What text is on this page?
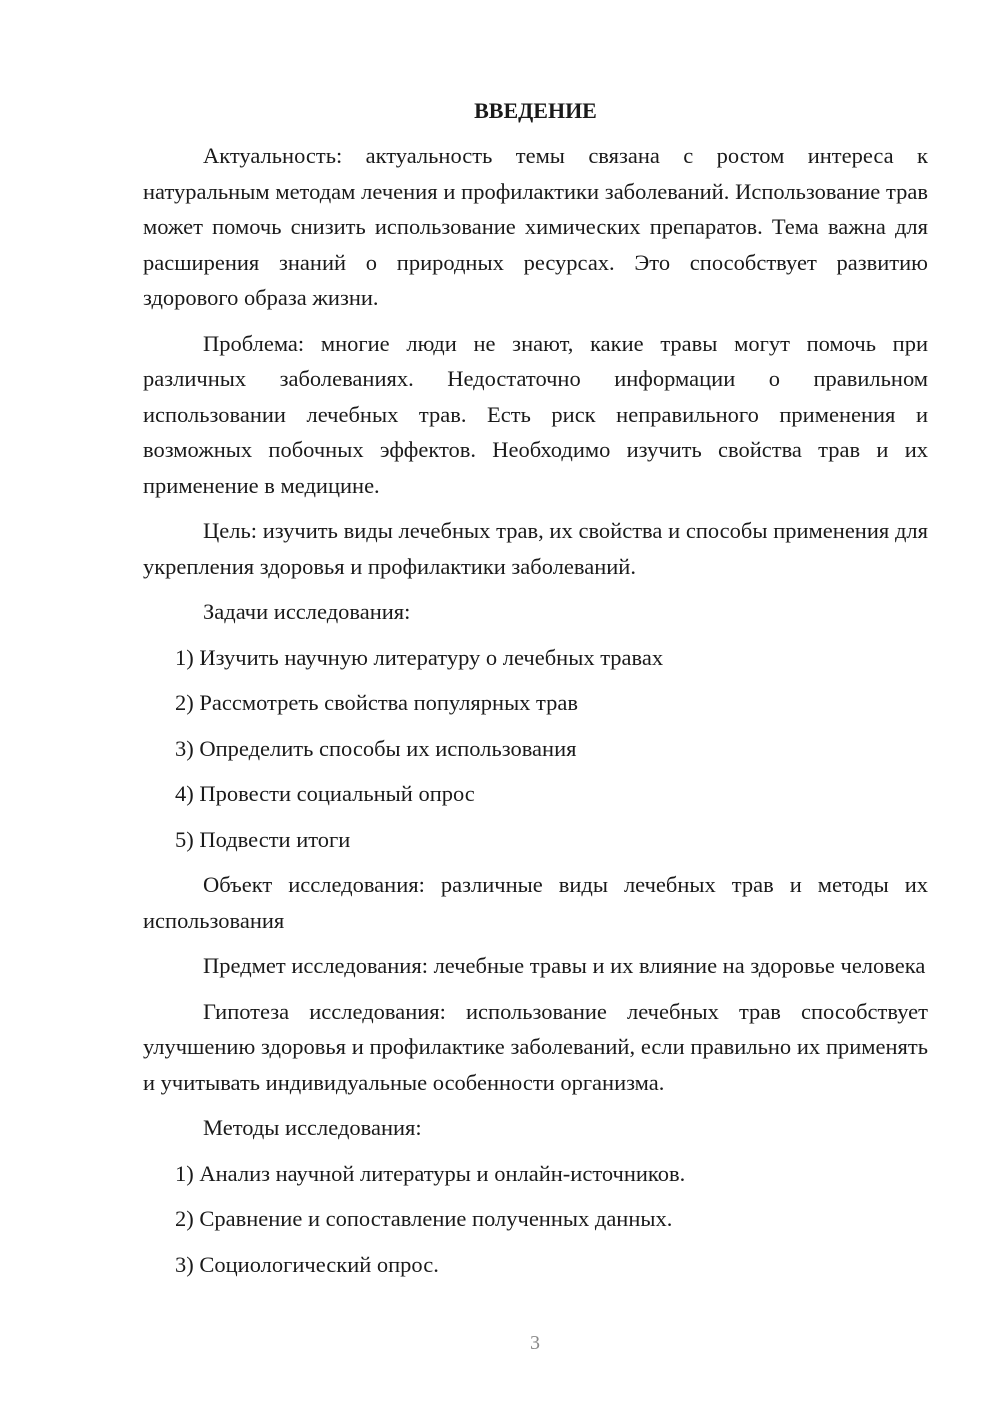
ВВЕДЕНИЕ

Актуальность: актуальность темы связана с ростом интереса к натуральным методам лечения и профилактики заболеваний. Использование трав может помочь снизить использование химических препаратов. Тема важна для расширения знаний о природных ресурсах. Это способствует развитию здорового образа жизни.

Проблема: многие люди не знают, какие травы могут помочь при различных заболеваниях. Недостаточно информации о правильном использовании лечебных трав. Есть риск неправильного применения и возможных побочных эффектов. Необходимо изучить свойства трав и их применение в медицине.

Цель: изучить виды лечебных трав, их свойства и способы применения для укрепления здоровья и профилактики заболеваний.

Задачи исследования:

1) Изучить научную литературу о лечебных травах
2) Рассмотреть свойства популярных трав
3) Определить способы их использования
4) Провести социальный опрос
5) Подвести итоги

Объект исследования: различные виды лечебных трав и методы их использования

Предмет исследования: лечебные травы и их влияние на здоровье человека

Гипотеза исследования: использование лечебных трав способствует улучшению здоровья и профилактике заболеваний, если правильно их применять и учитывать индивидуальные особенности организма.

Методы исследования:

1) Анализ научной литературы и онлайн-источников.
2) Сравнение и сопоставление полученных данных.
3) Социологический опрос.
3
